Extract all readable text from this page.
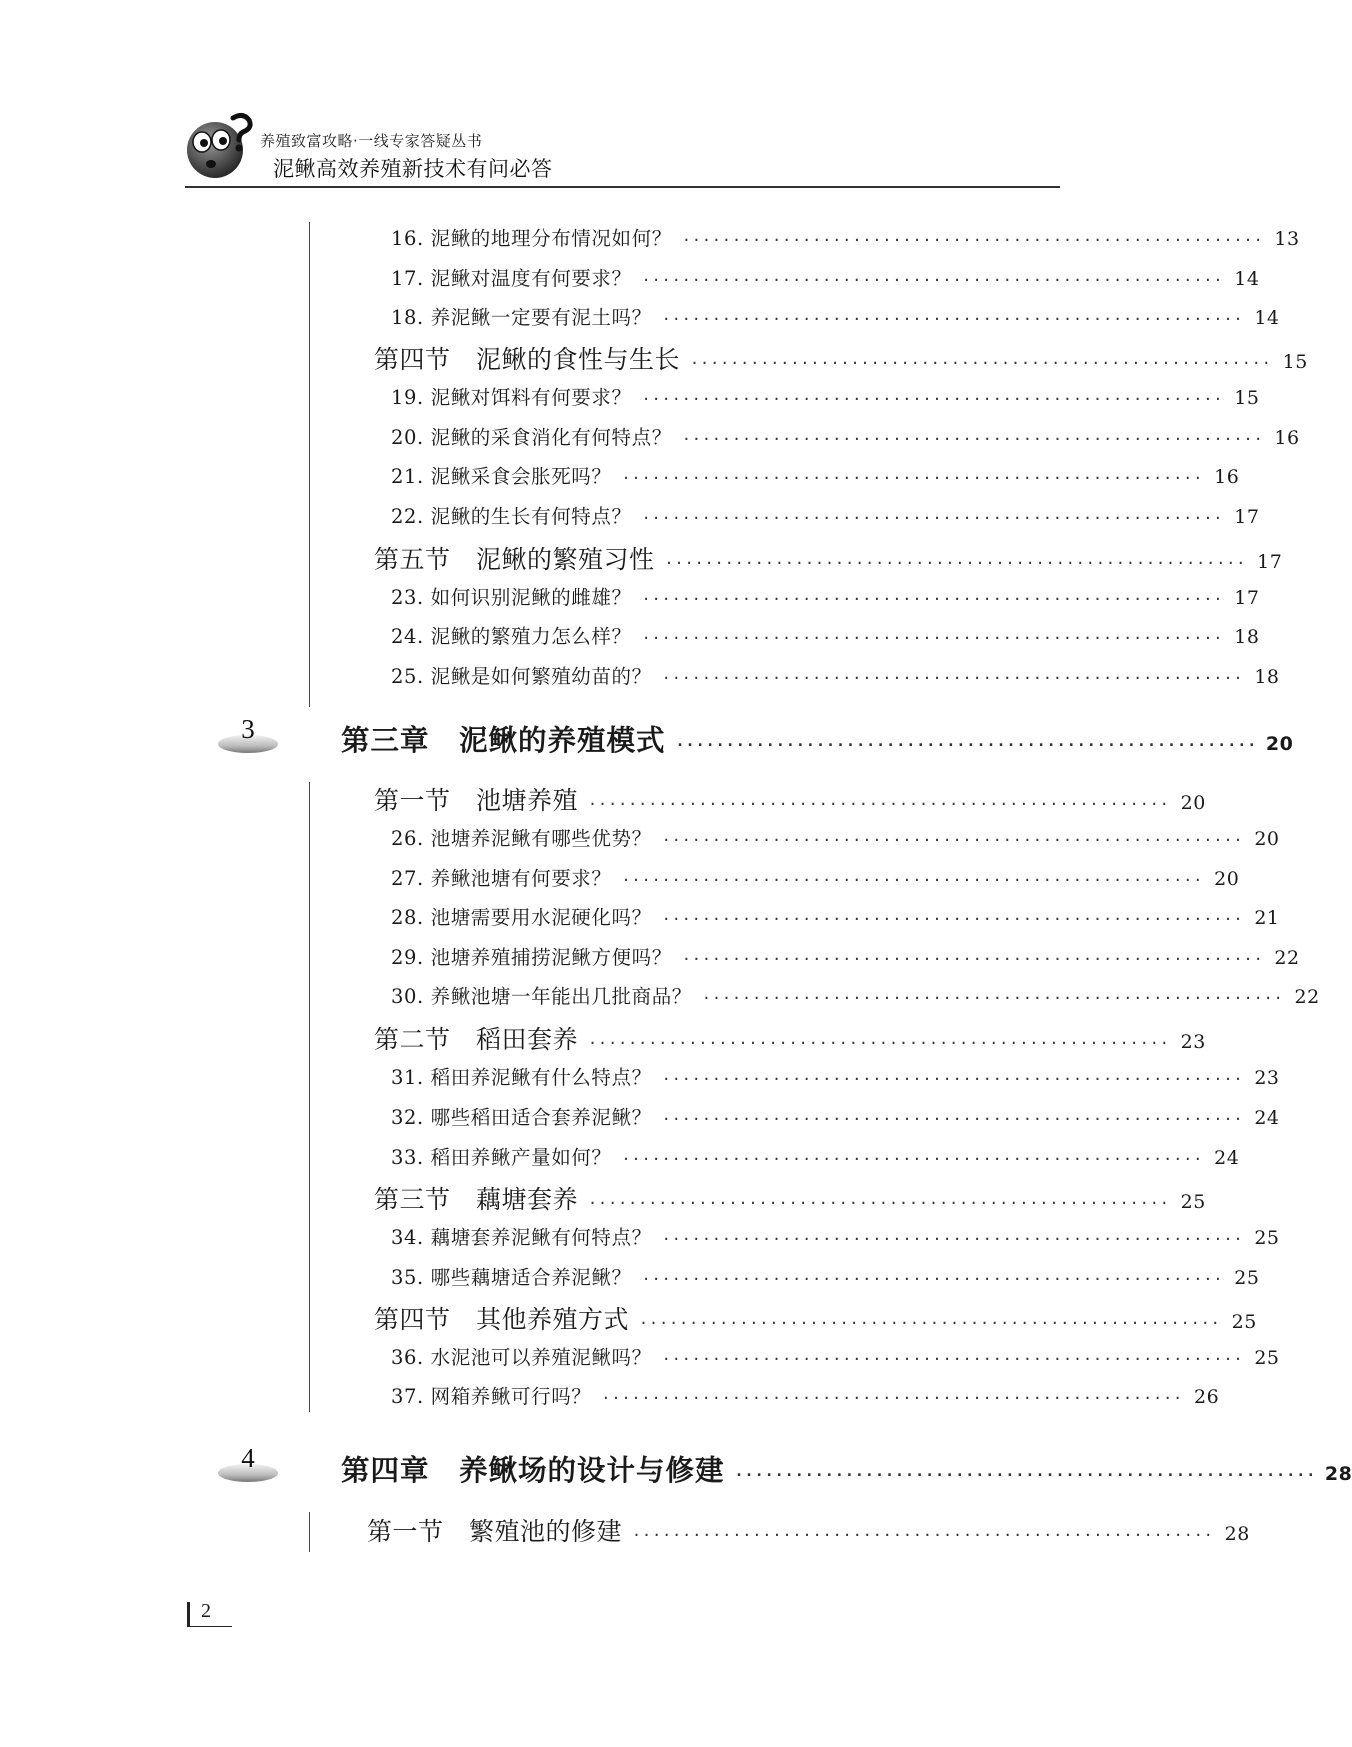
养殖致富攻略·一线专家答疑丛书
泥鳅高效养殖新技术有问必答
16. 泥鳅的地理分布情况如何？ ·························································· 13
17. 泥鳅对温度有何要求？ ·························································· 14
18. 养泥鳅一定要有泥土吗？ ·························································· 14
第四节　泥鳅的食性与生长 ·························································· 15
19. 泥鳅对饵料有何要求？ ·························································· 15
20. 泥鳅的采食消化有何特点？ ·························································· 16
21. 泥鳅采食会胀死吗？ ·························································· 16
22. 泥鳅的生长有何特点？ ·························································· 17
第五节　泥鳅的繁殖习性 ·························································· 17
23. 如何识别泥鳅的雌雄？ ·························································· 17
24. 泥鳅的繁殖力怎么样？ ·························································· 18
25. 泥鳅是如何繁殖幼苗的？ ·························································· 18
3	第三章　泥鳅的养殖模式 ·························································· 20
第一节　池塘养殖 ·························································· 20
26. 池塘养泥鳅有哪些优势？ ·························································· 20
27. 养鳅池塘有何要求？ ·························································· 20
28. 池塘需要用水泥硬化吗？ ·························································· 21
29. 池塘养殖捕捞泥鳅方便吗？ ·························································· 22
30. 养鳅池塘一年能出几批商品？ ·························································· 22
第二节　稻田套养 ·························································· 23
31. 稻田养泥鳅有什么特点？ ·························································· 23
32. 哪些稻田适合套养泥鳅？ ·························································· 24
33. 稻田养鳅产量如何？ ·························································· 24
第三节　藕塘套养 ·························································· 25
34. 藕塘套养泥鳅有何特点？ ·························································· 25
35. 哪些藕塘适合养泥鳅？ ·························································· 25
第四节　其他养殖方式 ·························································· 25
36. 水泥池可以养殖泥鳅吗？ ·························································· 25
37. 网箱养鳅可行吗？ ·························································· 26
4	第四章　养鳅场的设计与修建 ·························································· 28
第一节　繁殖池的修建 ·························································· 28
2
